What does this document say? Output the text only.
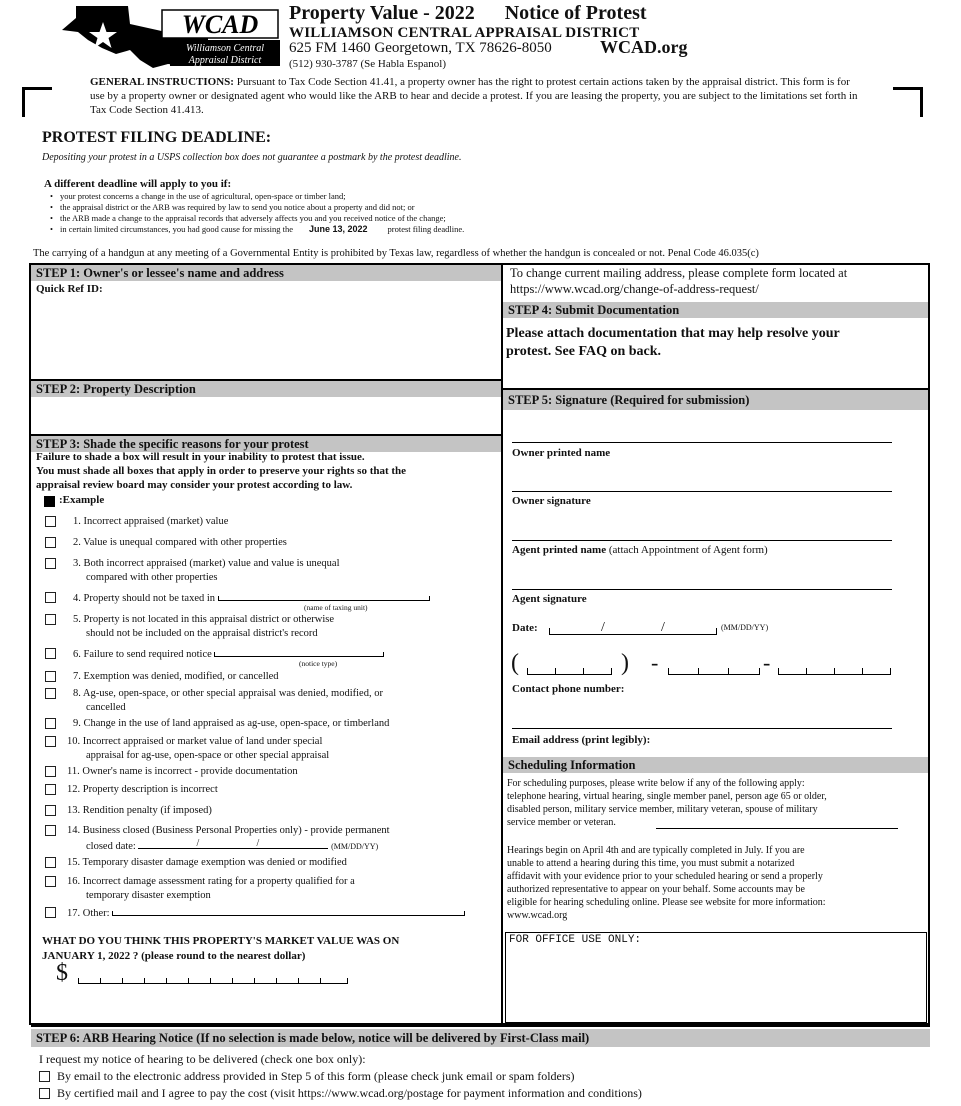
WCAD
Williamson Central
Appraisal District
Property Value - 2022      Notice of Protest
WILLIAMSON CENTRAL APPRAISAL DISTRICT
625 FM 1460 Georgetown, TX 78626-8050	WCAD.org
(512) 930-3787 (Se Habla Espanol)
GENERAL INSTRUCTIONS: Pursuant to Tax Code Section 41.41, a property owner has the right to protest certain actions taken by the appraisal district. This form is for use by a property owner or designated agent who would like the ARB to hear and decide a protest. If you are leasing the property, you are subject to the limitations set forth in Tax Code Section 41.413.
PROTEST FILING DEADLINE:
Depositing your protest in a USPS collection box does not guarantee a postmark by the protest deadline.
A different deadline will apply to you if:
• your protest concerns a change in the use of agricultural, open-space or timber land;
• the appraisal district or the ARB was required by law to send you notice about a property and did not; or
• the ARB made a change to the appraisal records that adversely affects you and you received notice of the change;
• in certain limited circumstances, you had good cause for missing the June 13, 2022 protest filing deadline.
The carrying of a handgun at any meeting of a Governmental Entity is prohibited by Texas law, regardless of whether the handgun is concealed or not. Penal Code 46.035(c)
STEP 1: Owner's or lessee's name and address
Quick Ref ID:
STEP 2: Property Description
STEP 3: Shade the specific reasons for your protest
Failure to shade a box will result in your inability to protest that issue.
You must shade all boxes that apply in order to preserve your rights so that the
appraisal review board may consider your protest according to law.
:Example
1. Incorrect appraised (market) value
2. Value is unequal compared with other properties
3. Both incorrect appraised (market) value and value is unequal
compared with other properties
4. Property should not be taxed in
(name of taxing unit)
5. Property is not located in this appraisal district or otherwise
should not be included on the appraisal district's record
6. Failure to send required notice
(notice type)
7. Exemption was denied, modified, or cancelled
8. Ag-use, open-space, or other special appraisal was denied, modified, or
cancelled
9. Change in the use of land appraised as ag-use, open-space, or timberland
10. Incorrect appraised or market value of land under special
appraisal for ag-use, open-space or other special appraisal
11. Owner's name is incorrect - provide documentation
12. Property description is incorrect
13. Rendition penalty (if imposed)
14. Business closed (Business Personal Properties only) - provide permanent
closed date:	/	/	(MM/DD/YY)
15. Temporary disaster damage exemption was denied or modified
16. Incorrect damage assessment rating for a property qualified for a
temporary disaster exemption
17. Other:
WHAT DO YOU THINK THIS PROPERTY'S MARKET VALUE WAS ON
JANUARY 1, 2022 ? (please round to the nearest dollar)
$
To change current mailing address, please complete form located at
https://www.wcad.org/change-of-address-request/
STEP 4: Submit Documentation
Please attach documentation that may help resolve your
protest. See FAQ on back.
STEP 5: Signature (Required for submission)
Owner printed name
Owner signature
Agent printed name (attach Appointment of Agent form)
Agent signature
Date:	/	/	(MM/DD/YY)
(	) -	-
Contact phone number:
Email address (print legibly):
Scheduling Information
For scheduling purposes, please write below if any of the following apply:
telephone hearing, virtual hearing, single member panel, person age 65 or older,
disabled person, military service member, military veteran, spouse of military
service member or veteran.
Hearings begin on April 4th and are typically completed in July. If you are
unable to attend a hearing during this time, you must submit a notarized
affidavit with your evidence prior to your scheduled hearing or send a properly
authorized representative to appear on your behalf. Some accounts may be
eligible for hearing scheduling online. Please see website for more information:
www.wcad.org
FOR OFFICE USE ONLY:
STEP 6: ARB Hearing Notice (If no selection is made below, notice will be delivered by First-Class mail)
I request my notice of hearing to be delivered (check one box only):
By email to the electronic address provided in Step 5 of this form (please check junk email or spam folders)
By certified mail and I agree to pay the cost (visit https://www.wcad.org/postage for payment information and conditions)
